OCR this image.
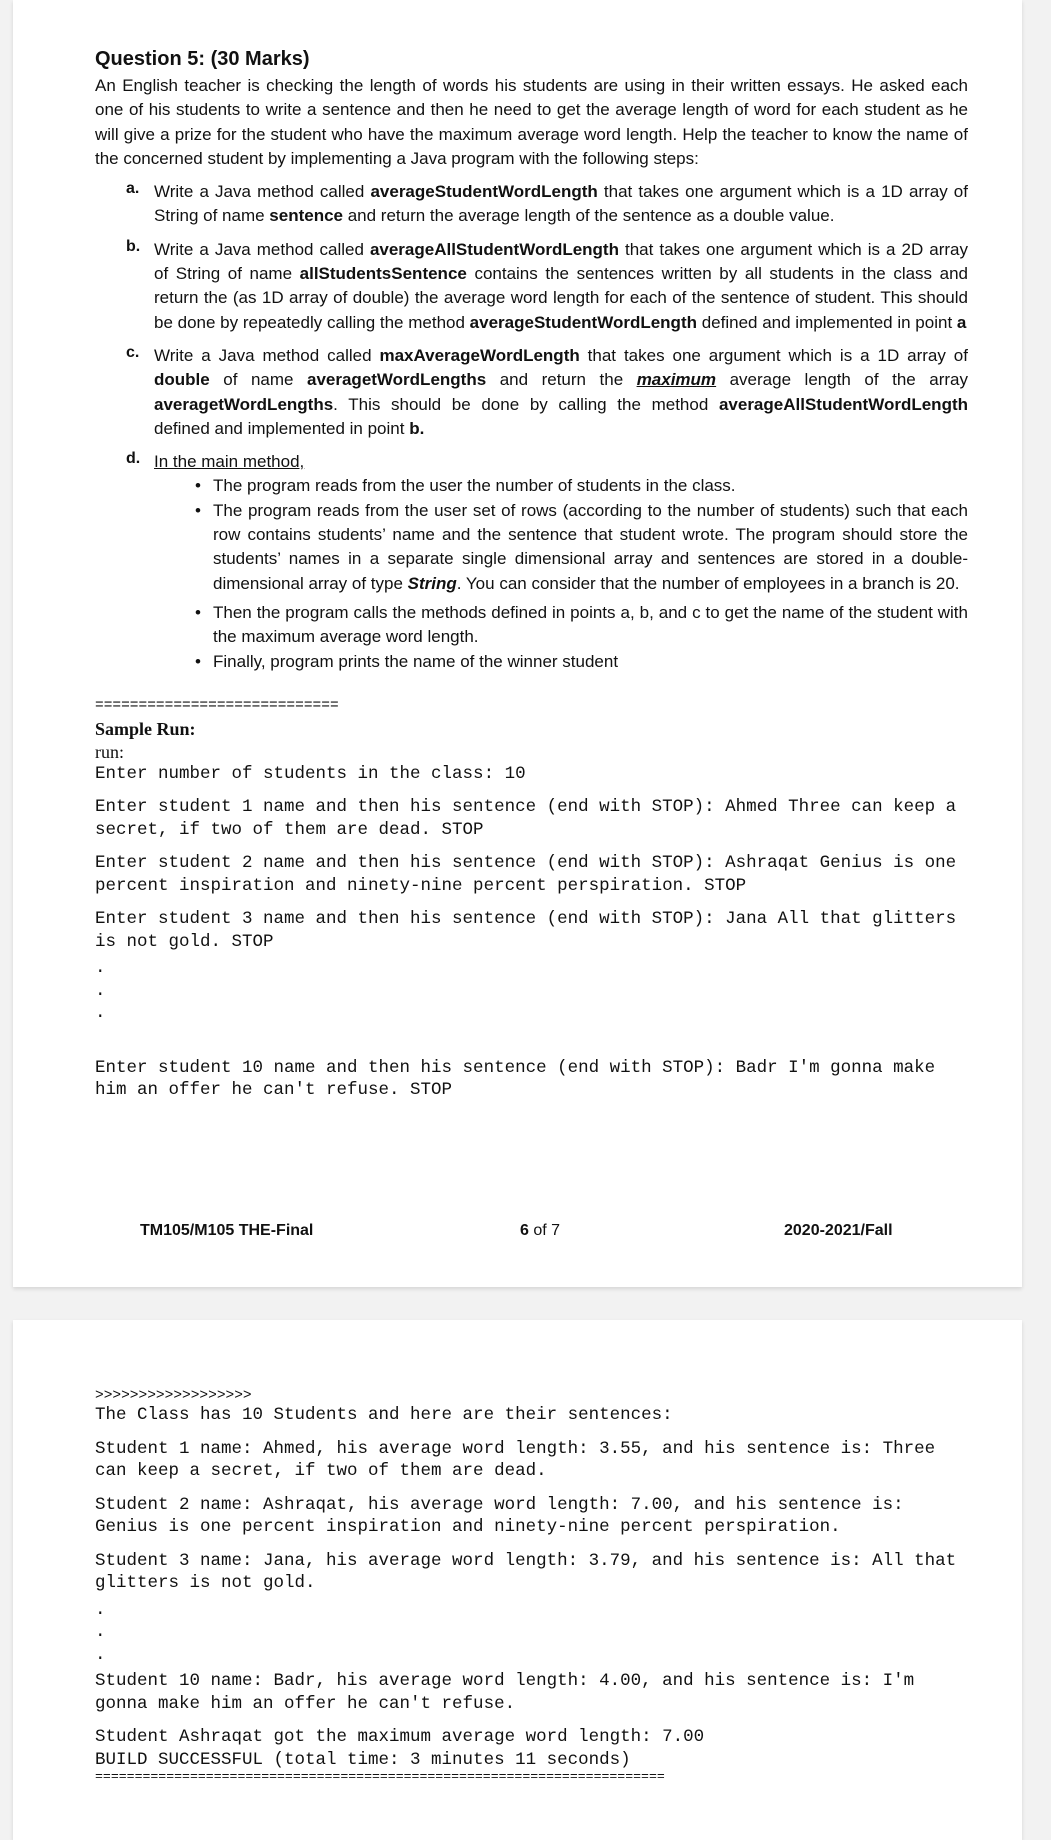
Question 5: (30 Marks)

An English teacher is checking the length of words his students are using in their written essays. He asked each one of his students to write a sentence and then he need to get the average length of word for each student as he will give a prize for the student who have the maximum average word length. Help the teacher to know the name of the concerned student by implementing a Java program with the following steps:

a. Write a Java method called averageStudentWordLength that takes one argument which is a 1D array of String of name sentence and return the average length of the sentence as a double value.
b. Write a Java method called averageAllStudentWordLength that takes one argument which is a 2D array of String of name allStudentsSentence contains the sentences written by all students in the class and return the (as 1D array of double) the average word length for each of the sentence of student. This should be done by repeatedly calling the method averageStudentWordLength defined and implemented in point a
c. Write a Java method called maxAverageWordLength that takes one argument which is a 1D array of double of name averagetWordLengths and return the maximum average length of the array averagetWordLengths. This should be done by calling the method averageAllStudentWordLength defined and implemented in point b.
d. In the main method,
• The program reads from the user the number of students in the class.
• The program reads from the user set of rows (according to the number of students) such that each row contains students’ name and the sentence that student wrote. The program should store the students’ names in a separate single dimensional array and sentences are stored in a double-dimensional array of type String. You can consider that the number of employees in a branch is 20.
• Then the program calls the methods defined in points a, b, and c to get the name of the student with the maximum average word length.
• Finally, program prints the name of the winner student
============================
Sample Run:
run:

Enter number of students in the class: 10

Enter student 1 name and then his sentence (end with STOP): Ahmed Three can keep a secret, if two of them are dead. STOP

Enter student 2 name and then his sentence (end with STOP): Ashraqat Genius is one percent inspiration and ninety-nine percent perspiration. STOP

Enter student 3 name and then his sentence (end with STOP): Jana All that glitters is not gold. STOP

.
.
.

Enter student 10 name and then his sentence (end with STOP): Badr I'm gonna make him an offer he can't refuse. STOP

TM105/M105 THE-Final	6 of 7	2020-2021/Fall
>>>>>>>>>>>>>>>>>>

The Class has 10 Students and here are their sentences:

Student 1 name: Ahmed, his average word length: 3.55, and his sentence is: Three can keep a secret, if two of them are dead.

Student 2 name: Ashraqat, his average word length: 7.00, and his sentence is: Genius is one percent inspiration and ninety-nine percent perspiration.

Student 3 name: Jana, his average word length: 3.79, and his sentence is: All that glitters is not gold.

.
.
.

Student 10 name: Badr, his average word length: 4.00, and his sentence is: I'm gonna make him an offer he can't refuse.

Student Ashraqat got the maximum average word length: 7.00

BUILD SUCCESSFUL (total time: 3 minutes 11 seconds)

========================================================================
